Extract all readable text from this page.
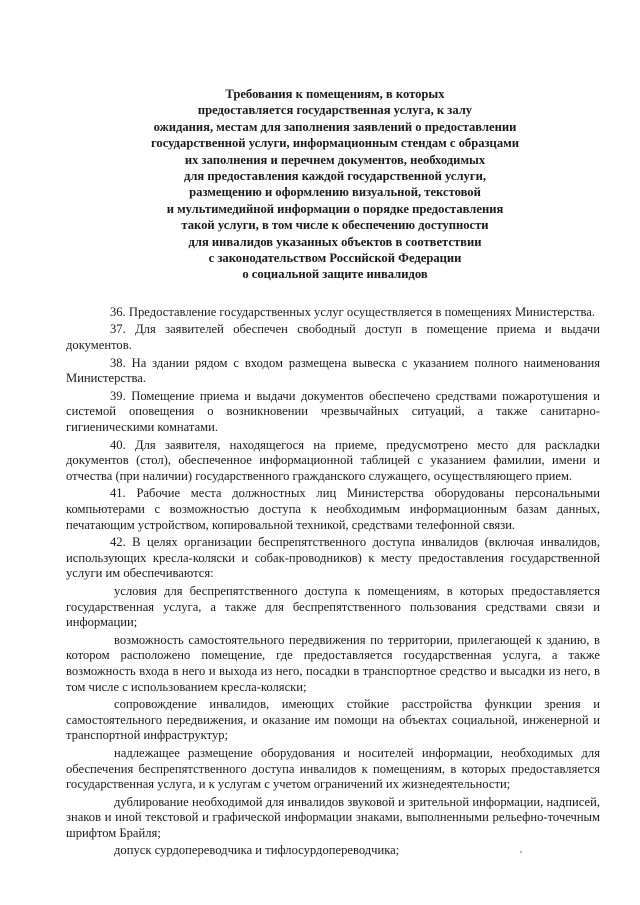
Требования к помещениям, в которых
предоставляется государственная услуга, к залу
ожидания, местам для заполнения заявлений о предоставлении
государственной услуги, информационным стендам с образцами
их заполнения и перечнем документов, необходимых
для предоставления каждой государственной услуги,
размещению и оформлению визуальной, текстовой
и мультимедийной информации о порядке предоставления
такой услуги, в том числе к обеспечению доступности
для инвалидов указанных объектов в соответствии
с законодательством Российской Федерации
о социальной защите инвалидов

36. Предоставление государственных услуг осуществляется в помещениях Министерства.

37. Для заявителей обеспечен свободный доступ в помещение приема и выдачи документов.

38. На здании рядом с входом размещена вывеска с указанием полного наименования Министерства.

39. Помещение приема и выдачи документов обеспечено средствами пожаротушения и системой оповещения о возникновении чрезвычайных ситуаций, а также санитарно-гигиеническими комнатами.

40. Для заявителя, находящегося на приеме, предусмотрено место для раскладки документов (стол), обеспеченное информационной таблицей с указанием фамилии, имени и отчества (при наличии) государственного гражданского служащего, осуществляющего прием.

41. Рабочие места должностных лиц Министерства оборудованы персональными компьютерами с возможностью доступа к необходимым информационным базам данных, печатающим устройством, копировальной техникой, средствами телефонной связи.

42. В целях организации беспрепятственного доступа инвалидов (включая инвалидов, использующих кресла-коляски и собак-проводников) к месту предоставления государственной услуги им обеспечиваются:

условия для беспрепятственного доступа к помещениям, в которых предоставляется государственная услуга, а также для беспрепятственного пользования средствами связи и информации;

возможность самостоятельного передвижения по территории, прилегающей к зданию, в котором расположено помещение, где предоставляется государственная услуга, а также возможность входа в него и выхода из него, посадки в транспортное средство и высадки из него, в том числе с использованием кресла-коляски;

сопровождение инвалидов, имеющих стойкие расстройства функции зрения и самостоятельного передвижения, и оказание им помощи на объектах социальной, инженерной и транспортной инфраструктур;

надлежащее размещение оборудования и носителей информации, необходимых для обеспечения беспрепятственного доступа инвалидов к помещениям, в которых предоставляется государственная услуга, и к услугам с учетом ограничений их жизнедеятельности;

дублирование необходимой для инвалидов звуковой и зрительной информации, надписей, знаков и иной текстовой и графической информации знаками, выполненными рельефно-точечным шрифтом Брайля;

допуск сурдопереводчика и тифлосурдопереводчика;
